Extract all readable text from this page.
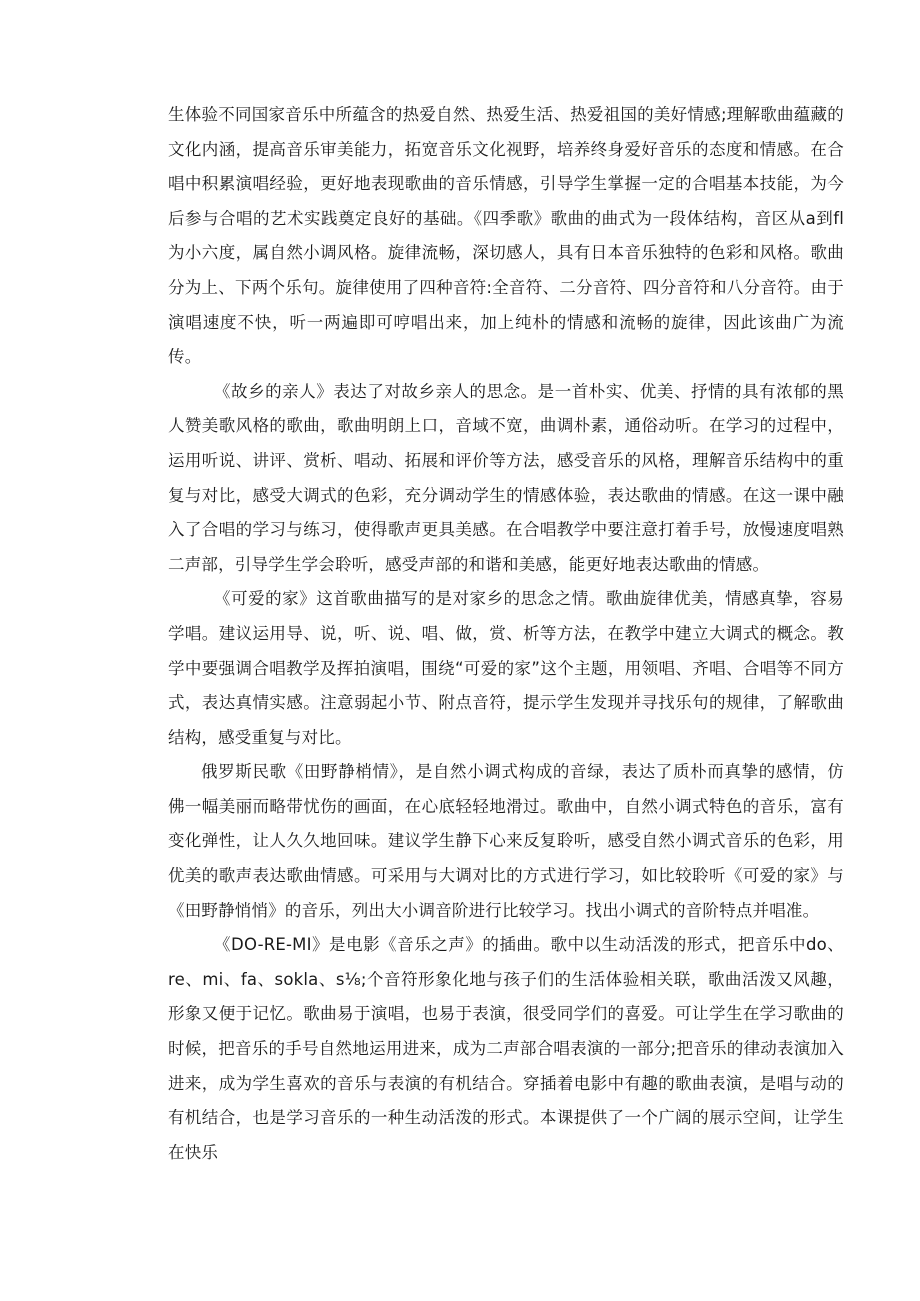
生体验不同国家音乐中所蕴含的热爱自然、热爱生活、热爱祖国的美好情感;理解歌曲蕴藏的文化内涵，提高音乐审美能力，拓宽音乐文化视野，培养终身爱好音乐的态度和情感。在合唱中积累演唱经验，更好地表现歌曲的音乐情感，引导学生掌握一定的合唱基本技能，为今后参与合唱的艺术实践奠定良好的基础。《四季歌》歌曲的曲式为一段体结构，音区从a到fl为小六度，属自然小调风格。旋律流畅，深切感人，具有日本音乐独特的色彩和风格。歌曲分为上、下两个乐句。旋律使用了四种音符:全音符、二分音符、四分音符和八分音符。由于演唱速度不快，听一两遍即可哼唱出来，加上纯朴的情感和流畅的旋律，因此该曲广为流传。

《故乡的亲人》表达了对故乡亲人的思念。是一首朴实、优美、抒情的具有浓郁的黑人赞美歌风格的歌曲，歌曲明朗上口，音域不宽，曲调朴素，通俗动听。在学习的过程中，运用听说、讲评、赏析、唱动、拓展和评价等方法，感受音乐的风格，理解音乐结构中的重复与对比，感受大调式的色彩，充分调动学生的情感体验，表达歌曲的情感。在这一课中融入了合唱的学习与练习，使得歌声更具美感。在合唱教学中要注意打着手号，放慢速度唱熟二声部，引导学生学会聆听，感受声部的和谐和美感，能更好地表达歌曲的情感。

《可爱的家》这首歌曲描写的是对家乡的思念之情。歌曲旋律优美，情感真挚，容易学唱。建议运用导、说，听、说、唱、做，赏、析等方法，在教学中建立大调式的概念。教学中要强调合唱教学及挥拍演唱，围绕“可爱的家”这个主题，用领唱、齐唱、合唱等不同方式，表达真情实感。注意弱起小节、附点音符，提示学生发现并寻找乐句的规律，了解歌曲结构，感受重复与对比。

俄罗斯民歌《田野静梢情》，是自然小调式构成的音绿，表达了质朴而真挚的感情，仿佛一幅美丽而略带忧伤的画面，在心底轻轻地滑过。歌曲中，自然小调式特色的音乐，富有变化弹性，让人久久地回味。建议学生静下心来反复聆听，感受自然小调式音乐的色彩，用优美的歌声表达歌曲情感。可采用与大调对比的方式进行学习，如比较聆听《可爱的家》与《田野静悄悄》的音乐，列出大小调音阶进行比较学习。找出小调式的音阶特点并唱准。

《DO-RE-MI》是电影《音乐之声》的插曲。歌中以生动活泼的形式，把音乐中do、re、mi、fa、sokla、s⅛;个音符形象化地与孩子们的生活体验相关联，歌曲活泼又风趣，形象又便于记忆。歌曲易于演唱，也易于表演，很受同学们的喜爱。可让学生在学习歌曲的时候，把音乐的手号自然地运用进来，成为二声部合唱表演的一部分;把音乐的律动表演加入进来，成为学生喜欢的音乐与表演的有机结合。穿插着电影中有趣的歌曲表演，是唱与动的有机结合，也是学习音乐的一种生动活泼的形式。本课提供了一个广阔的展示空间，让学生在快乐
